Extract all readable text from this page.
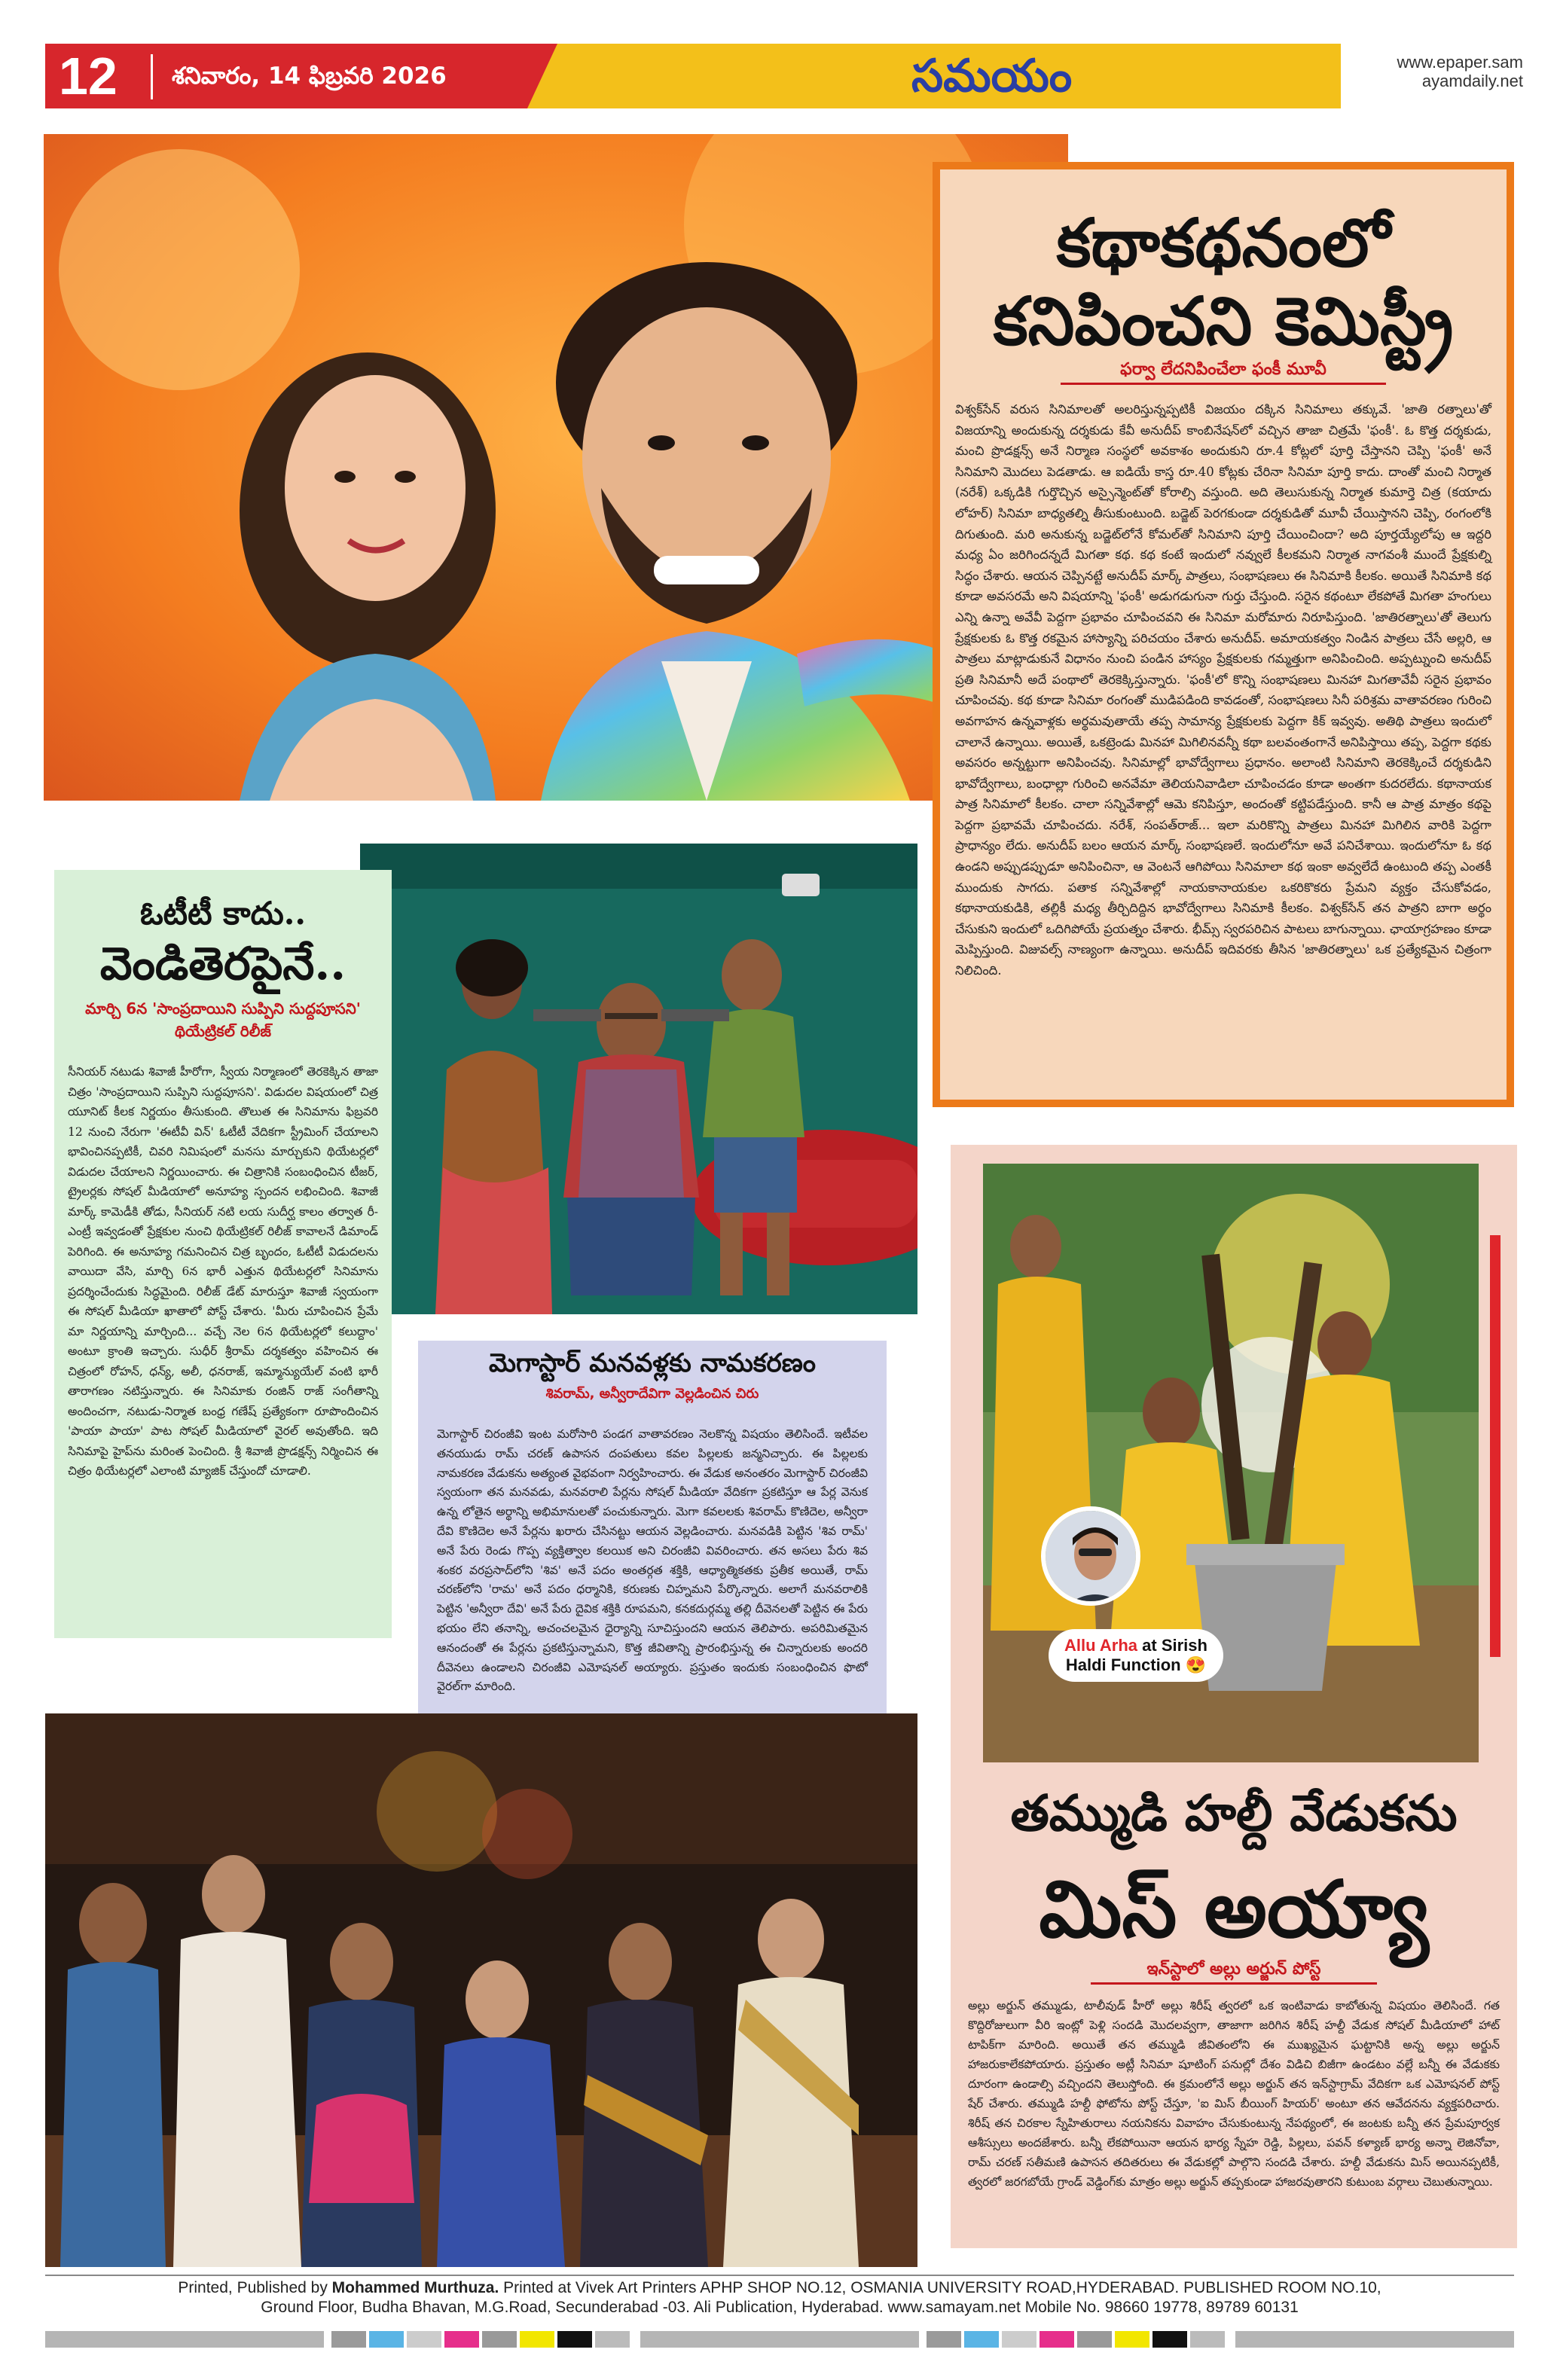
12 శనివారం, 14 ఫిబ్రవరి 2026	సమయం	www.epaper.sam
ayamdaily.net
కథాకథనంలో
కనిపించని కెమిస్ట్రీ
ఫర్వా లేదనిపించేలా ఫంకీ మూవీ
విశ్వక్‌సేన్ వరుస సినిమాలతో అలరిస్తున్నప్పటికీ విజయం దక్కిన సినిమాలు తక్కువే. 'జాతి రత్నాలు'తో విజయాన్ని అందుకున్న దర్శకుడు కేవీ అనుదీప్ కాంబినేషన్‌లో వచ్చిన తాజా చిత్రమే 'ఫంకీ'. ఓ కొత్త దర్శకుడు, మంచి ప్రొడక్షన్స్ అనే నిర్మాణ సంస్థలో అవకాశం అందుకుని రూ.4 కోట్లలో పూర్తి చేస్తానని చెప్పి 'ఫంకీ' అనే సినిమాని మొదలు పెడతాడు. ఆ ఐడియే కాస్త రూ.40 కోట్లకు చేరినా సినిమా పూర్తి కాదు. దాంతో మంచి నిర్మాత (నరేశ్) ఒక్కడికి గుర్తొచ్చిన అస్సైన్మెంట్‌తో కోరాల్సి వస్తుంది. అది తెలుసుకున్న నిర్మాత కుమార్తె చిత్ర (కయాదు లోహర్) సినిమా బాధ్యతల్ని తీసుకుంటుంది. బడ్జెట్ పెరగకుండా దర్శకుడితో మూవీ చేయిస్తానని చెప్పి, రంగంలోకి దిగుతుంది. మరి అనుకున్న బడ్జెట్‌లోనే కోమల్‌తో సినిమాని పూర్తి చేయించిందా? అది పూర్తయ్యేలోపు ఆ ఇద్దరి మధ్య ఏం జరిగిందన్నదే మిగతా కథ. కథ కంటే ఇందులో నవ్వులే కీలకమని నిర్మాత నాగవంశీ ముందే ప్రేక్షకుల్ని సిద్ధం చేశారు. ఆయన చెప్పినట్టే అనుదీప్ మార్క్ పాత్రలు, సంభాషణలు ఈ సినిమాకి కీలకం. అయితే సినిమాకి కథ కూడా అవసరమే అని విషయాన్ని 'ఫంకీ' అడుగడుగునా గుర్తు చేస్తుంది. సరైన కథంటూ లేకపోతే మిగతా హంగులు ఎన్ని ఉన్నా అవేవీ పెద్దగా ప్రభావం చూపించవని ఈ సినిమా మరోమారు నిరూపిస్తుంది. 'జాతిరత్నాలు'తో తెలుగు ప్రేక్షకులకు ఓ కొత్త రకమైన హాస్యాన్ని పరిచయం చేశారు అనుదీప్. అమాయకత్వం నిండిన పాత్రలు చేసే అల్లరి, ఆ పాత్రలు మాట్లాడుకునే విధానం నుంచి పండిన హాస్యం ప్రేక్షకులకు గమ్మత్తుగా అనిపించింది. అప్పట్నుంచి అనుదీప్ ప్రతి సినిమానీ అదే పంథాలో తెరకెక్కిస్తున్నారు. 'ఫంకీ'లో కొన్ని సంభాషణలు మినహా మిగతావేవీ సరైన ప్రభావం చూపించవు. కథ కూడా సినిమా రంగంతో ముడిపడింది కావడంతో, సంభాషణలు సినీ పరిశ్రమ వాతావరణం గురించి అవగాహన ఉన్నవాళ్లకు అర్థమవుతాయే తప్ప సామాన్య ప్రేక్షకులకు పెద్దగా కిక్ ఇవ్వవు. అతిథి పాత్రలు ఇందులో చాలానే ఉన్నాయి. అయితే, ఒకట్రెండు మినహా మిగిలినవన్నీ కథా బలవంతంగానే అనిపిస్తాయి తప్ప, పెద్దగా కథకు అవసరం అన్నట్టుగా అనిపించవు. సినిమాల్లో భావోద్వేగాలు ప్రధానం. అలాంటి సినిమాని తెరకెక్కించే దర్శకుడిని భావోద్వేగాలు, బంధాల్లా గురించి అనవేమా తెలియనివాడిలా చూపించడం కూడా అంతగా కుదరలేదు. కథానాయక పాత్ర సినిమాలో కీలకం. చాలా సన్నివేశాల్లో ఆమె కనిపిస్తూ, అందంతో కట్టిపడేస్తుంది. కానీ ఆ పాత్ర మాత్రం కథపై పెద్దగా ప్రభావమే చూపించదు. నరేశ్, సంపత్‌రాజ్... ఇలా మరికొన్ని పాత్రలు మినహా మిగిలిన వారికి పెద్దగా ప్రాధాన్యం లేదు. అనుదీప్ బలం ఆయన మార్క్ సంభాషణలే. ఇందులోనూ అవే పనిచేశాయి. ఇందులోనూ ఓ కథ ఉండని అప్పుడప్పుడూ అనిపించినా, ఆ వెంటనే ఆగిపోయి సినిమాలా కథ ఇంకా అవ్వలేదే ఉంటుంది తప్ప ఎంతకీ ముందుకు సాగదు. పతాక సన్నివేశాల్లో నాయకానాయకుల ఒకరికొకరు ప్రేమని వ్యక్తం చేసుకోవడం, కథానాయకుడికి, తల్లికీ మధ్య తీర్చిదిద్దిన భావోద్వేగాలు సినిమాకి కీలకం. విశ్వక్‌సేన్ తన పాత్రని బాగా అర్థం చేసుకుని ఇందులో ఒదిగిపోయే ప్రయత్నం చేశారు. భీమ్స్ స్వరపరిచిన పాటలు బాగున్నాయి. ఛాయాగ్రహణం కూడా మెప్పిస్తుంది. విజువల్స్ నాణ్యంగా ఉన్నాయి. అనుదీప్ ఇదివరకు తీసిన 'జాతిరత్నాలు' ఒక ప్రత్యేకమైన చిత్రంగా నిలిచింది.
ఓటీటీ కాదు..
వెండితెరపైనే..
మార్చి 6న 'సాంప్రదాయిని సుప్పిని సుద్దపూసని' థియేట్రికల్ రిలీజ్
సీనియర్ నటుడు శివాజీ హీరోగా, స్వీయ నిర్మాణంలో తెరకెక్కిన తాజా చిత్రం 'సాంప్రదాయిని సుప్పిని సుద్దపూసని'. విడుదల విషయంలో చిత్ర యూనిట్ కీలక నిర్ణయం తీసుకుంది. తొలుత ఈ సినిమాను ఫిబ్రవరి 12 నుంచి నేరుగా 'ఈటీవీ విన్' ఓటీటీ వేదికగా స్ట్రీమింగ్ చేయాలని భావించినప్పటికీ, చివరి నిమిషంలో మనసు మార్చుకుని థియేటర్లలో విడుదల చేయాలని నిర్ణయించారు. ఈ చిత్రానికి సంబంధించిన టీజర్, ట్రైలర్లకు సోషల్ మీడియాలో అనూహ్య స్పందన లభించింది. శివాజీ మార్క్ కామెడీకి తోడు, సీనియర్ నటి లయ సుదీర్ఘ కాలం తర్వాత రీ-ఎంట్రీ ఇవ్వడంతో ప్రేక్షకుల నుంచి థియేట్రికల్ రిలీజ్ కావాలనే డిమాండ్ పెరిగింది. ఈ అనూహ్య గమనించిన చిత్ర బృందం, ఓటీటీ విడుదలను వాయిదా వేసి, మార్చి 6న భారీ ఎత్తున థియేటర్లలో సినిమాను ప్రదర్శించేందుకు సిద్ధమైంది. రిలీజ్ డేట్ మారుస్తూ శివాజీ స్వయంగా ఈ సోషల్ మీడియా ఖాతాలో పోస్ట్ చేశారు. 'మీరు చూపించిన ప్రేమే మా నిర్ణయాన్ని మార్చింది... వచ్చే నెల 6న థియేటర్లలో కలుద్దాం' అంటూ క్రాంతి ఇచ్చారు. సుధీర్ శ్రీరామ్ దర్శకత్వం వహించిన ఈ చిత్రంలో రోహన్, ధన్య్, అలీ, ధనరాజ్, ఇమ్మాన్యుయేల్ వంటి భారీ తారాగణం నటిస్తున్నారు. ఈ సినిమాకు రంజిన్ రాజ్ సంగీతాన్ని అందించగా, నటుడు-నిర్మాత బంధ్ర గణేష్ ప్రత్యేకంగా రూపొందించిన 'పాయా పాయా' పాట సోషల్ మీడియాలో వైరల్ అవుతోంది. ఇది సినిమాపై హైప్‌ను మరింత పెంచింది. శ్రీ శివాజీ ప్రొడక్షన్స్ నిర్మించిన ఈ చిత్రం థియేటర్లలో ఎలాంటి మ్యాజిక్ చేస్తుందో చూడాలి.
మెగాస్టార్ మనవళ్లకు నామకరణం
శివరామ్, అన్వీరాదేవిగా వెల్లడించిన చిరు
మెగాస్టార్ చిరంజీవి ఇంట మరోసారి పండగ వాతావరణం నెలకొన్న విషయం తెలిసిందే. ఇటీవల తనయుడు రామ్ చరణ్ ఉపాసన దంపతులు కవల పిల్లలకు జన్మనిచ్చారు. ఈ పిల్లలకు నామకరణ వేడుకను అత్యంత వైభవంగా నిర్వహించారు. ఈ వేడుక అనంతరం మెగాస్టార్ చిరంజీవి స్వయంగా తన మనవడు, మనవరాలి పేర్లను సోషల్ మీడియా వేదికగా ప్రకటిస్తూ ఆ పేర్ల వెనుక ఉన్న లోతైన అర్థాన్ని అభిమానులతో పంచుకున్నారు. మెగా కవలలకు శివరామ్ కొణిదెల, అన్వీరా దేవి కొణిదెల అనే పేర్లను ఖరారు చేసినట్టు ఆయన వెల్లడించారు. మనవడికి పెట్టిన 'శివ రామ్' అనే పేరు రెండు గొప్ప వ్యక్తిత్వాల కలయిక అని చిరంజీవి వివరించారు. తన అసలు పేరు శివ శంకర వరప్రసాద్‌లోని 'శివ' అనే పదం అంతర్గత శక్తికి, ఆధ్యాత్మికతకు ప్రతీక అయితే, రామ్ చరణ్‌లోని 'రామ' అనే పదం ధర్మానికి, కరుణకు చిహ్నమని పేర్కొన్నారు. అలాగే మనవరాలికి పెట్టిన 'అన్వీరా దేవి' అనే పేరు దైవిక శక్తికి రూపమని, కనకదుర్గమ్మ తల్లి దీవెనలతో పెట్టిన ఈ పేరు భయం లేని తనాన్ని, అచంచలమైన ధైర్యాన్ని సూచిస్తుందని ఆయన తెలిపారు. అపరిమితమైన ఆనందంతో ఈ పేర్లను ప్రకటిస్తున్నామని, కొత్త జీవితాన్ని ప్రారంభిస్తున్న ఈ చిన్నారులకు అందరి దీవెనలు ఉండాలని చిరంజీవి ఎమోషనల్ అయ్యారు. ప్రస్తుతం ఇందుకు సంబంధించిన ఫొటో వైరల్‌గా మారింది.
Allu Arha at Sirish Haldi Function 😍
తమ్ముడి హల్దీ వేడుకను
మిస్ అయ్యా
ఇన్‌స్టాలో అల్లు అర్జున్ పోస్ట్
అల్లు అర్జున్ తమ్ముడు, టాలీవుడ్ హీరో అల్లు శిరీష్ త్వరలో ఒక ఇంటివాడు కాబోతున్న విషయం తెలిసిందే. గత కొద్దిరోజులుగా వీరి ఇంట్లో పెళ్లి సందడి మొదలవ్వగా, తాజాగా జరిగిన శిరీష్ హల్దీ వేడుక సోషల్ మీడియాలో హాట్ టాపిక్‌గా మారింది. అయితే తన తమ్ముడి జీవితంలోని ఈ ముఖ్యమైన ఘట్టానికి అన్న అల్లు అర్జున్ హాజరుకాలేకపోయారు. ప్రస్తుతం అట్లీ సినిమా షూటింగ్ పనుల్లో దేశం విడిచి బిజీగా ఉండటం వల్లే బన్నీ ఈ వేడుకకు దూరంగా ఉండాల్సి వచ్చిందని తెలుస్తోంది. ఈ క్రమంలోనే అల్లు అర్జున్ తన ఇన్‌స్టాగ్రామ్ వేదికగా ఒక ఎమోషనల్ పోస్ట్ షేర్ చేశారు. తమ్ముడి హల్దీ ఫోటోను పోస్ట్ చేస్తూ, 'ఐ మిస్ బీయింగ్ హియర్' అంటూ తన ఆవేదనను వ్యక్తపరిచారు. శిరీష్ తన చిరకాల స్నేహితురాలు నయనికను వివాహం చేసుకుంటున్న నేపథ్యంలో, ఈ జంటకు బన్నీ తన ప్రేమపూర్వక ఆశీస్సులు అందజేశారు. బన్నీ లేకపోయినా ఆయన భార్య స్నేహ రెడ్డి, పిల్లలు, పవన్ కళ్యాణ్ భార్య అన్నా లెజినోవా, రామ్ చరణ్ సతీమణి ఉపాసన తదితరులు ఈ వేడుకల్లో పాల్గొని సందడి చేశారు. హల్దీ వేడుకను మిస్ అయినప్పటికీ, త్వరలో జరగబోయే గ్రాండ్ వెడ్డింగ్‌కు మాత్రం అల్లు అర్జున్ తప్పకుండా హాజరవుతారని కుటుంబ వర్గాలు చెబుతున్నాయి.
Printed, Published by Mohammed Murthuza. Printed at Vivek Art Printers APHP SHOP NO.12, OSMANIA UNIVERSITY ROAD,HYDERABAD. PUBLISHED ROOM NO.10,
Ground Floor, Budha Bhavan, M.G.Road, Secunderabad -03. Ali Publication, Hyderabad. www.samayam.net Mobile No. 98660 19778, 89789 60131
